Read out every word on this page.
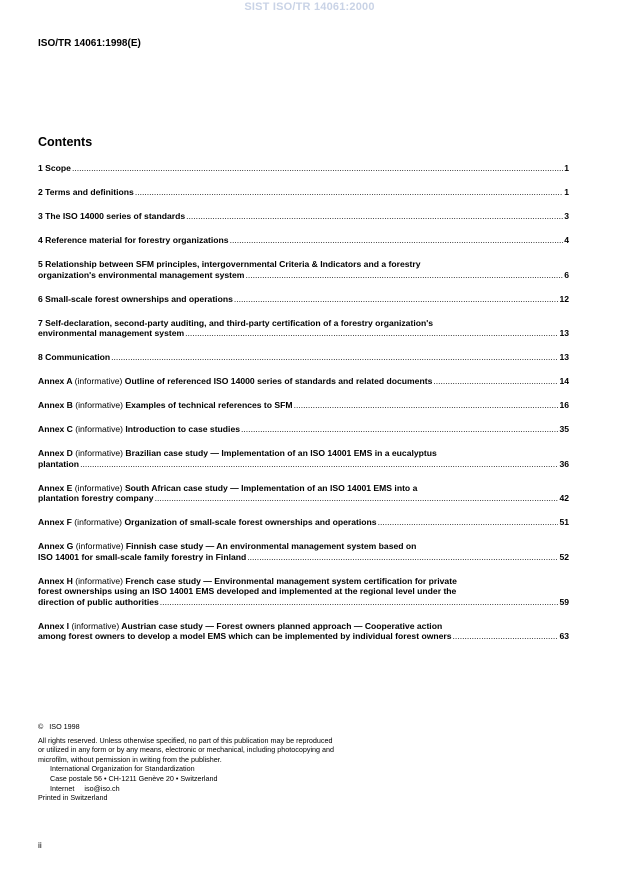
SIST ISO/TR 14061:2000
ISO/TR 14061:1998(E)
Contents
1 Scope .....	1
2 Terms and definitions .....	1
3 The ISO 14000 series of standards .....	3
4 Reference material for forestry organizations .....	4
5 Relationship between SFM principles, intergovernmental Criteria & Indicators and a forestry
organization's environmental management system .....	6
6 Small-scale forest ownerships and operations .....	12
7 Self-declaration, second-party auditing, and third-party certification of a forestry organization's
environmental management system .....	13
8 Communication .....	13
Annex A (informative) Outline of referenced ISO 14000 series of standards and related documents .....	14
Annex B (informative) Examples of technical references to SFM .....	16
Annex C (informative) Introduction to case studies .....	35
Annex D (informative) Brazilian case study — Implementation of an ISO 14001 EMS in a eucalyptus
plantation .....	36
Annex E (informative) South African case study — Implementation of an ISO 14001 EMS into a
plantation forestry company .....	42
Annex F (informative) Organization of small-scale forest ownerships and operations .....	51
Annex G (informative) Finnish case study — An environmental management system based on
ISO 14001 for small-scale family forestry in Finland .....	52
Annex H (informative) French case study — Environmental management system certification for private
forest ownerships using an ISO 14001 EMS developed and implemented at the regional level under the
direction of public authorities .....	59
Annex I (informative) Austrian case study — Forest owners planned approach — Cooperative action
among forest owners to develop a model EMS which can be implemented by individual forest owners .....	63
© ISO 1998
All rights reserved. Unless otherwise specified, no part of this publication may be reproduced
or utilized in any form or by any means, electronic or mechanical, including photocopying and
microfilm, without permission in writing from the publisher.
International Organization for Standardization
Case postale 56 • CH-1211 Genève 20 • Switzerland
Internet iso@iso.ch
Printed in Switzerland
ii
